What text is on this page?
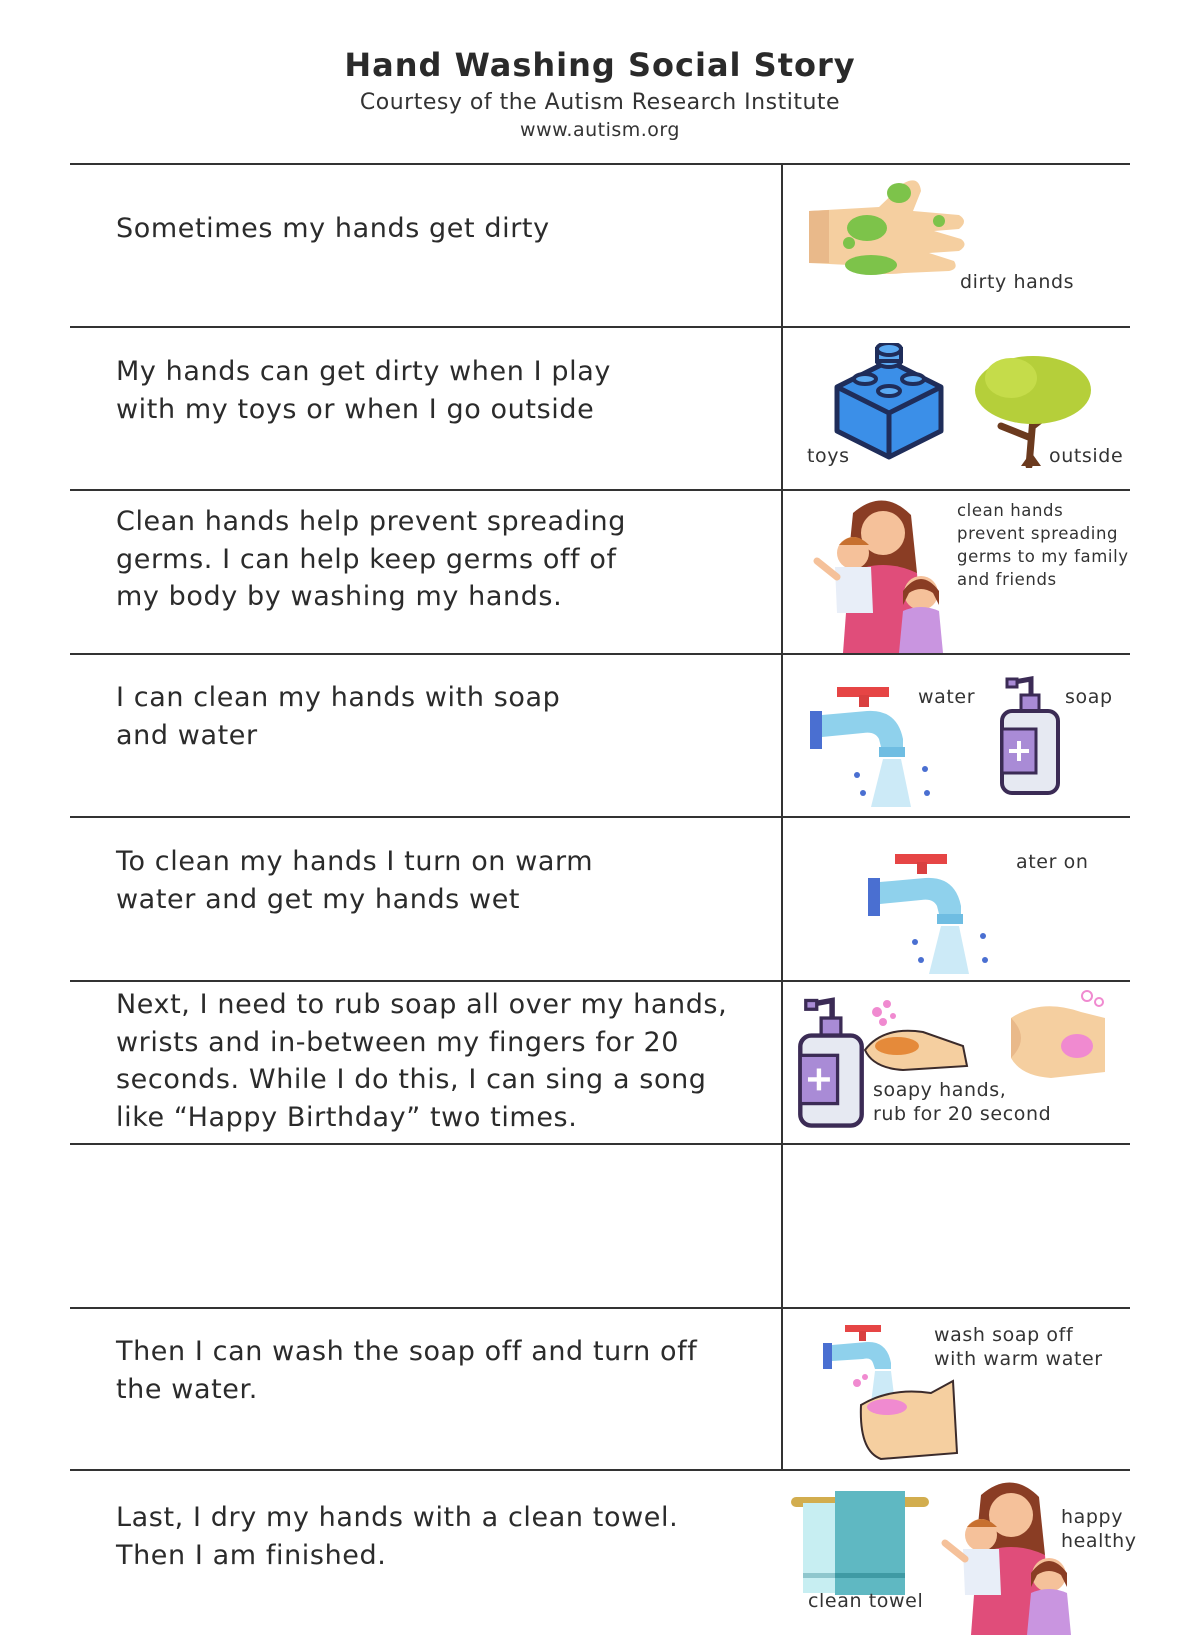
Hand Washing Social Story
Courtesy of the Autism Research Institute
www.autism.org
Sometimes my hands get dirty
dirty hands
My hands can get dirty when I play
with my toys or when I go outside
toys	outside
Clean hands help prevent spreading
germs. I can help keep germs off of
my body by washing my hands.
clean hands
prevent spreading
germs to my family
and friends
I can clean my hands with soap
and water
water	soap
To clean my hands I turn on warm
water and get my hands wet
ater on
Next, I need to rub soap all over my hands,
wrists and in-between my fingers for 20
seconds. While I do this, I can sing a song
like “Happy Birthday” two times.
soapy hands,
rub for 20 second
Then I can wash the soap off and turn off
the water.
wash soap off
with warm water
Last, I dry my hands with a clean towel.
Then I am finished.
clean towel
happy
healthy
